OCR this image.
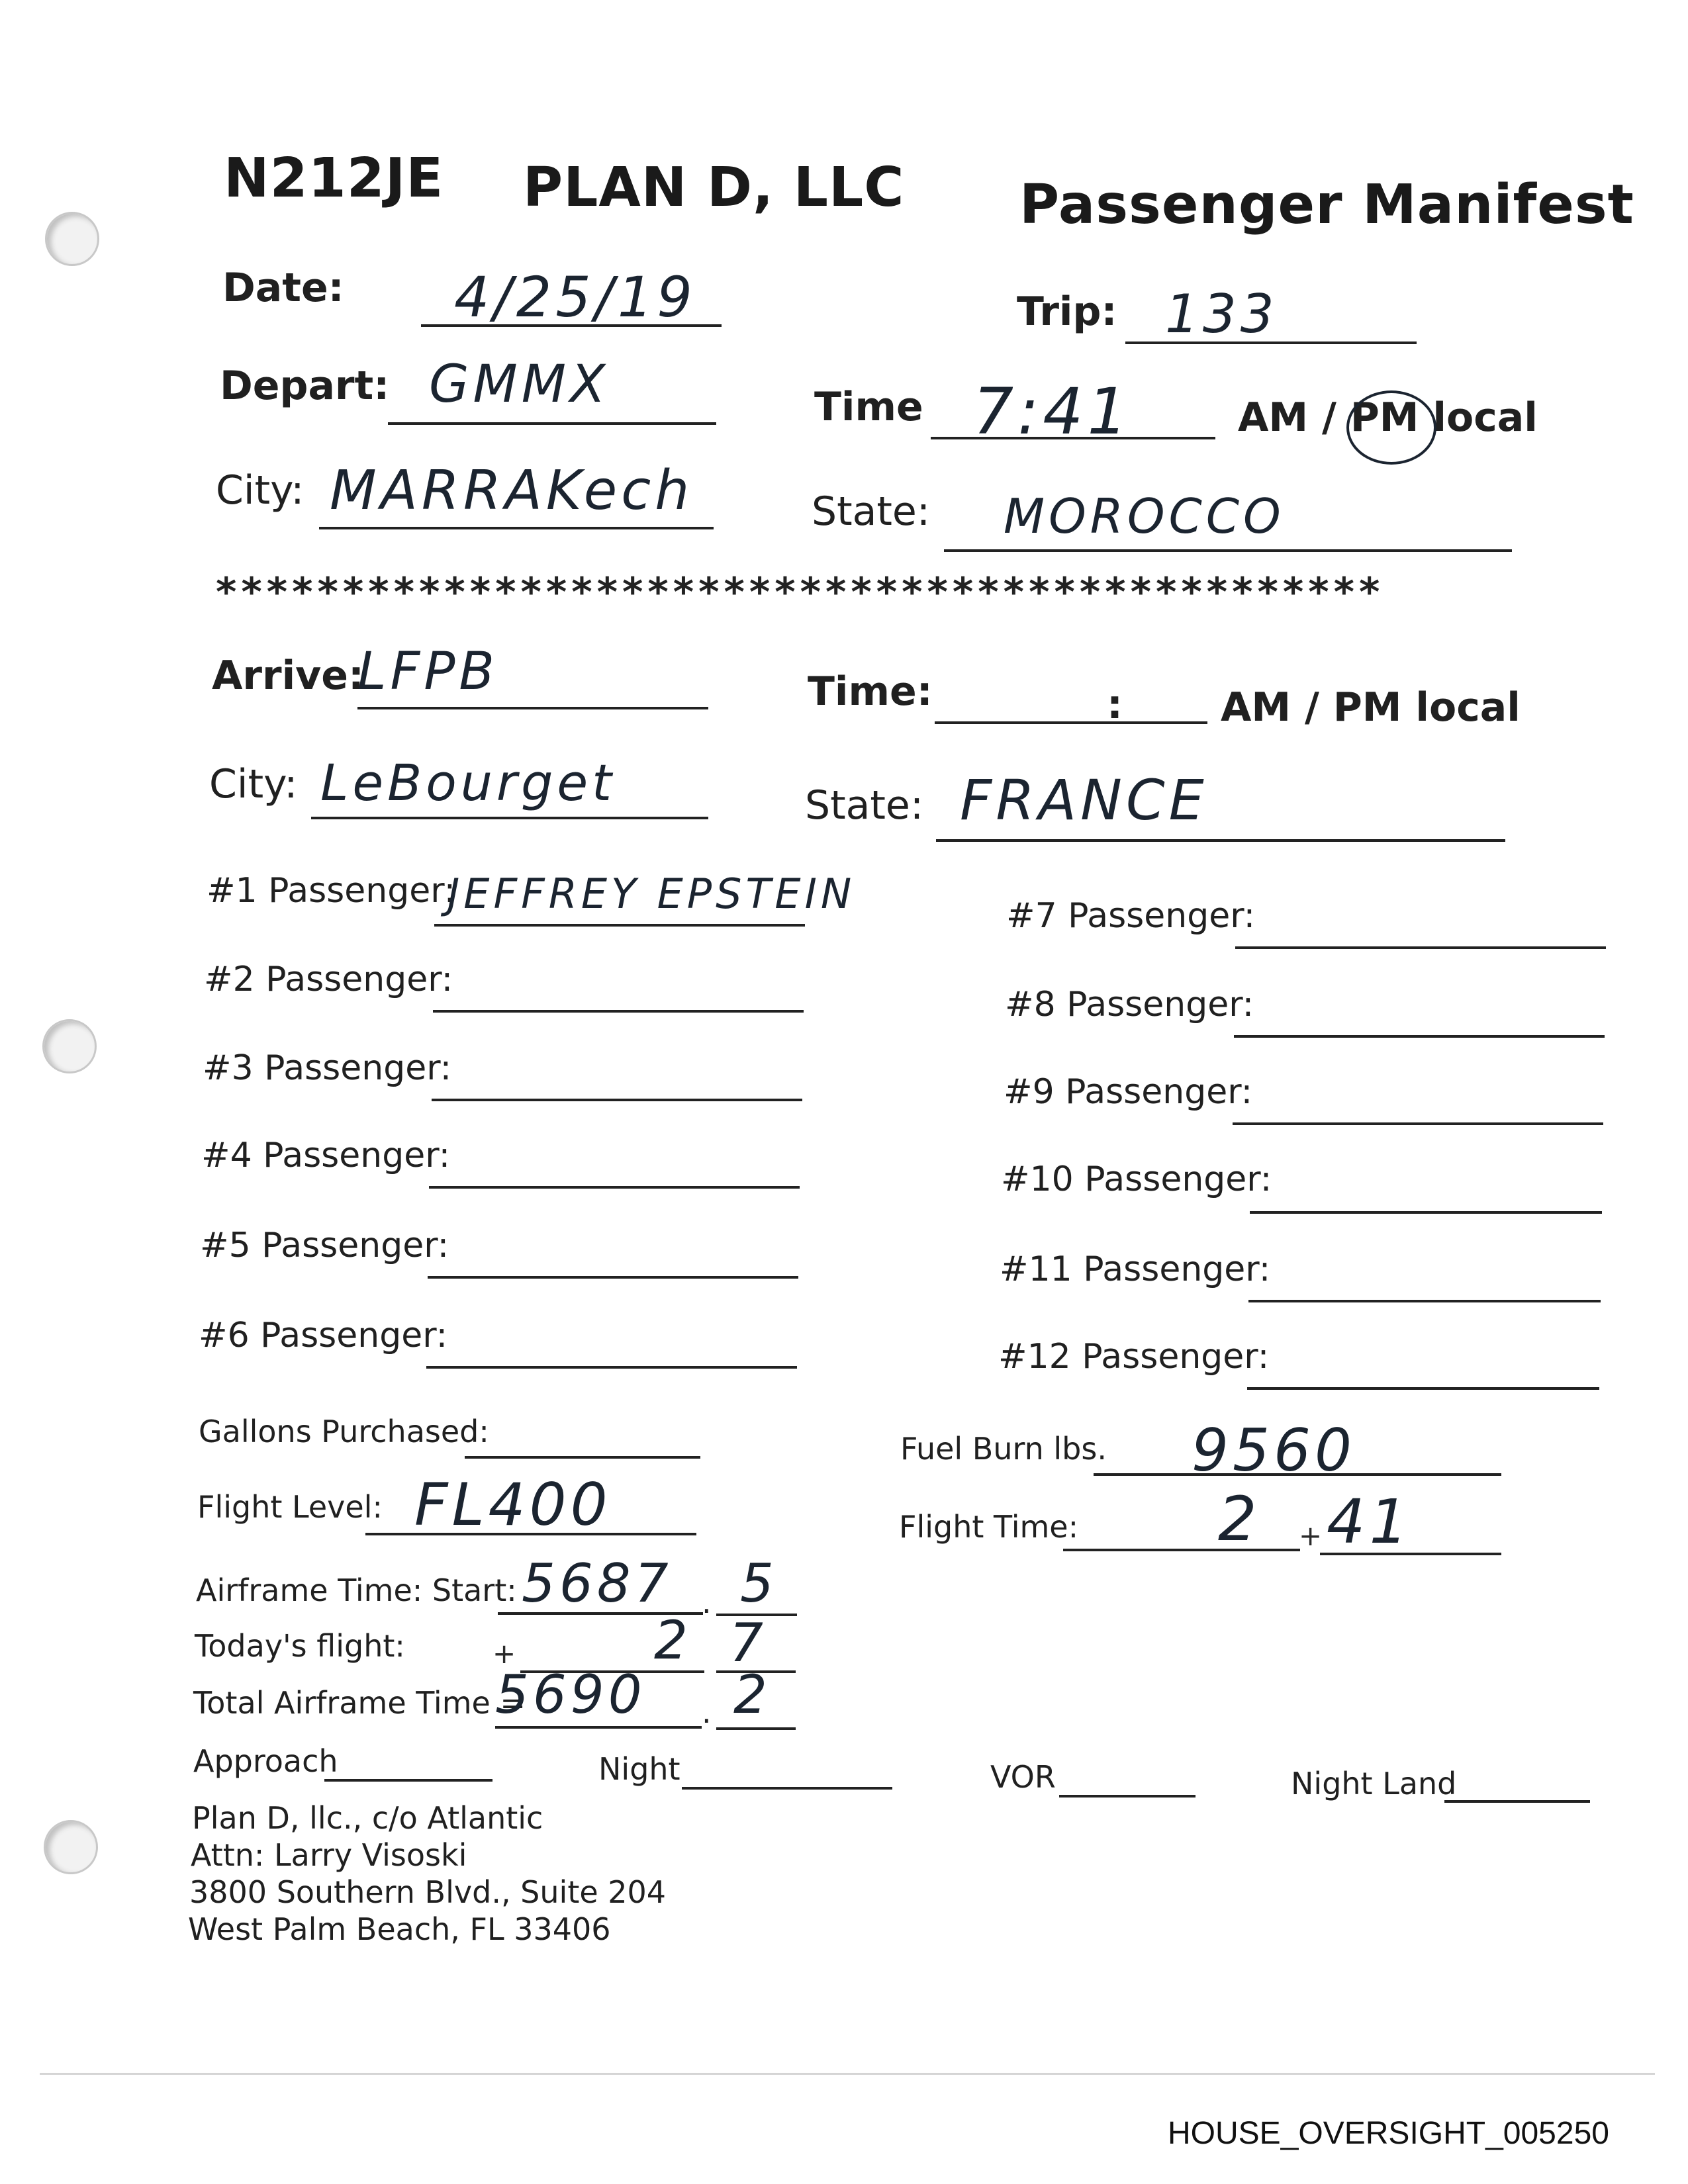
N212JE PLAN D, LLC Passenger Manifest
Date: 4/25/19	Trip: 133
Depart: GMMX	Time 7:41	AM / PM local
City: MARRAKech	State: MOROCCO
**********************************************
Arrive:
LFPB	Time:	: AM / PM local
City: LeBourget	State: FRANCE
#1 Passenger:
JEFFREY EPSTEIN
#2 Passenger:
#3 Passenger:
#4 Passenger:
#5 Passenger:
#6 Passenger:
#7 Passenger:
#8 Passenger:
#9 Passenger:
#10 Passenger:
#11 Passenger:
#12 Passenger:
Gallons Purchased:	Fuel Burn lbs. 9560
Flight Level: FL400	Flight Time: 2 + 41
Airframe Time: Start: 5687 . 5
Today's flight:	+	2 7
Total Airframe Time =
5690 . 2
Approach	Night	VOR	Night Land
Plan D, llc., c/o Atlantic
Attn: Larry Visoski
3800 Southern Blvd., Suite 204
West Palm Beach, FL 33406
HOUSE_OVERSIGHT_005250
